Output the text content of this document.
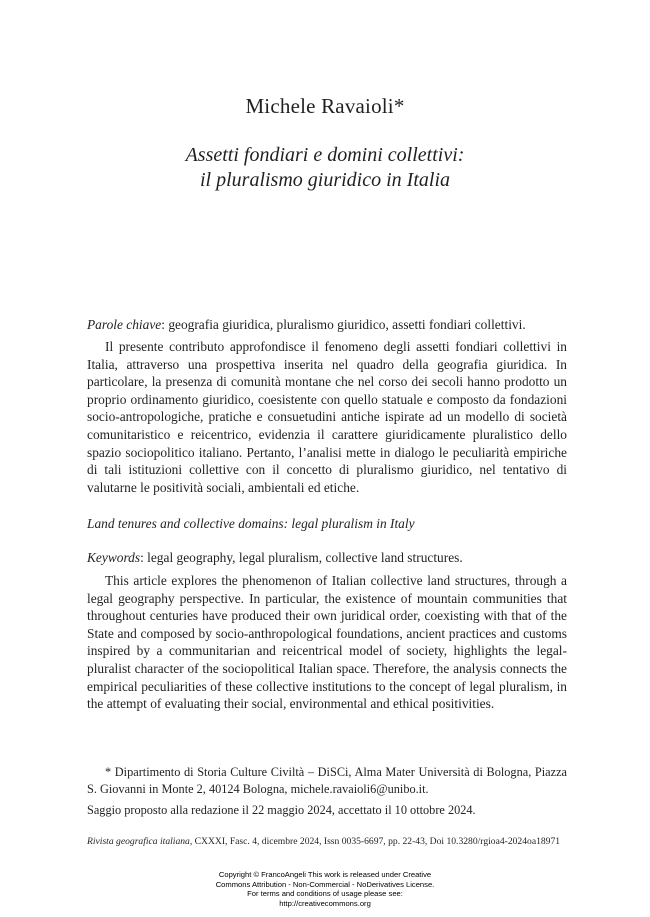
Michele Ravaioli*
Assetti fondiari e domini collettivi:
il pluralismo giuridico in Italia
Parole chiave: geografia giuridica, pluralismo giuridico, assetti fondiari collettivi.
Il presente contributo approfondisce il fenomeno degli assetti fondiari collettivi in Italia, attraverso una prospettiva inserita nel quadro della geografia giuridica. In particolare, la presenza di comunità montane che nel corso dei secoli hanno prodotto un proprio ordinamento giuridico, coesistente con quello statuale e composto da fondazioni socio-antropologiche, pratiche e consuetudini antiche ispirate ad un modello di società comunitaristico e reicentrico, evidenzia il carattere giuridicamente pluralistico dello spazio sociopolitico italiano. Pertanto, l’analisi mette in dialogo le peculiarità empiriche di tali istituzioni collettive con il concetto di pluralismo giuridico, nel tentativo di valutarne le positività sociali, ambientali ed etiche.
Land tenures and collective domains: legal pluralism in Italy
Keywords: legal geography, legal pluralism, collective land structures.
This article explores the phenomenon of Italian collective land structures, through a legal geography perspective. In particular, the existence of mountain communities that throughout centuries have produced their own juridical order, coexisting with that of the State and composed by socio-anthropological foundations, ancient practices and customs inspired by a communitarian and reicentrical model of society, highlights the legal-pluralist character of the sociopolitical Italian space. Therefore, the analysis connects the empirical peculiarities of these collective institutions to the concept of legal pluralism, in the attempt of evaluating their social, environmental and ethical positivities.
* Dipartimento di Storia Culture Civiltà – DiSCi, Alma Mater Università di Bologna, Piazza S. Giovanni in Monte 2, 40124 Bologna, michele.ravaioli6@unibo.it.
Saggio proposto alla redazione il 22 maggio 2024, accettato il 10 ottobre 2024.
Rivista geografica italiana, CXXXI, Fasc. 4, dicembre 2024, Issn 0035-6697, pp. 22-43, Doi 10.3280/rgioa4-2024oa18971
Copyright © FrancoAngeli This work is released under Creative
Commons Attribution - Non-Commercial - NoDerivatives License.
For terms and conditions of usage please see:
http://creativecommons.org
